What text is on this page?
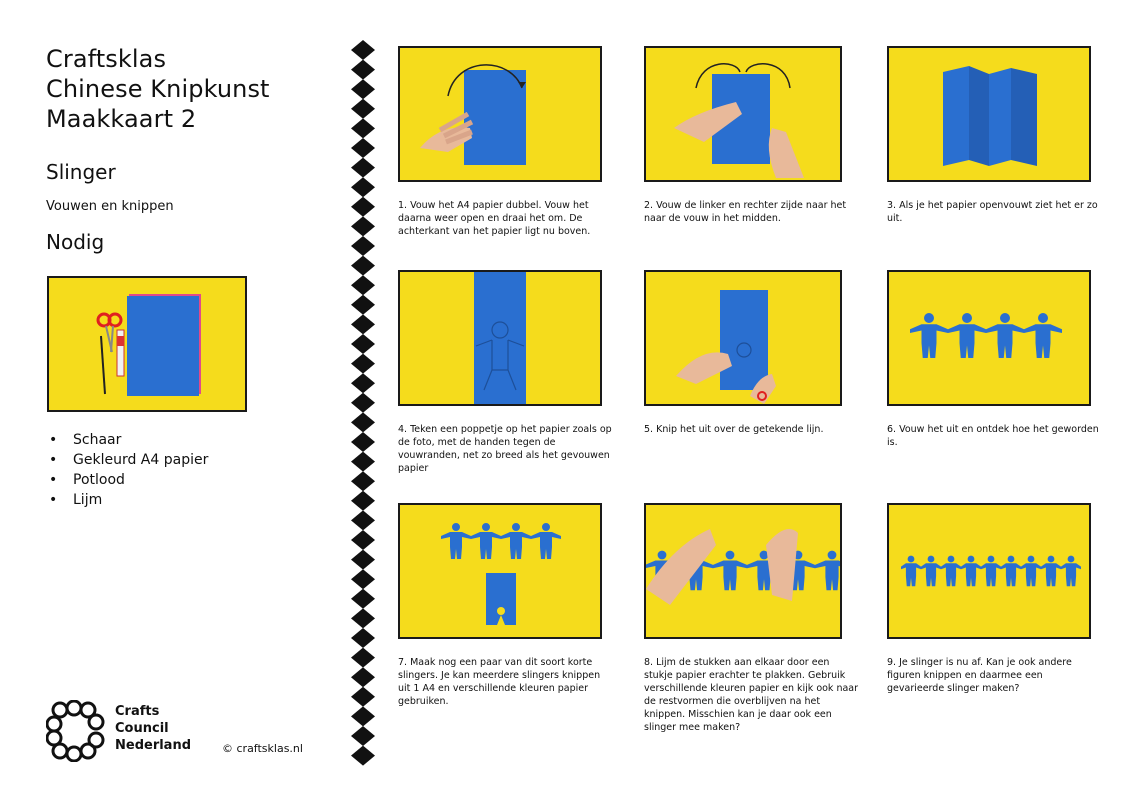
Craftsklas
Chinese Knipkunst
Maakkaart 2
Slinger
Vouwen en knippen
Nodig
• Schaar
• Gekleurd A4 papier
• Potlood
• Lijm
1. Vouw het A4 papier dubbel. Vouw het daarna weer open en draai het om. De achterkant van het papier ligt nu boven.
2. Vouw de linker en rechter zijde naar het naar de vouw in het midden.
3. Als je het papier openvouwt ziet het er zo uit.
4. Teken een poppetje op het papier zoals op de foto, met de handen tegen de vouwranden, net zo breed als het gevouwen papier
5. Knip het uit over de getekende lijn.	6. Vouw het uit en ontdek hoe het geworden is.
7. Maak nog een paar van dit soort korte slingers. Je kan meerdere slingers knippen uit 1 A4 en verschillende kleuren papier gebruiken.
8. Lijm de stukken aan elkaar door een stukje papier erachter te plakken. Gebruik verschillende kleuren papier en kijk ook naar de restvormen die overblijven na het knippen. Misschien kan je daar ook een slinger mee maken?
9. Je slinger is nu af. Kan je ook andere figuren knippen en daarmee een gevarieerde slinger maken?
Crafts
Council
Nederland	© craftsklas.nl
